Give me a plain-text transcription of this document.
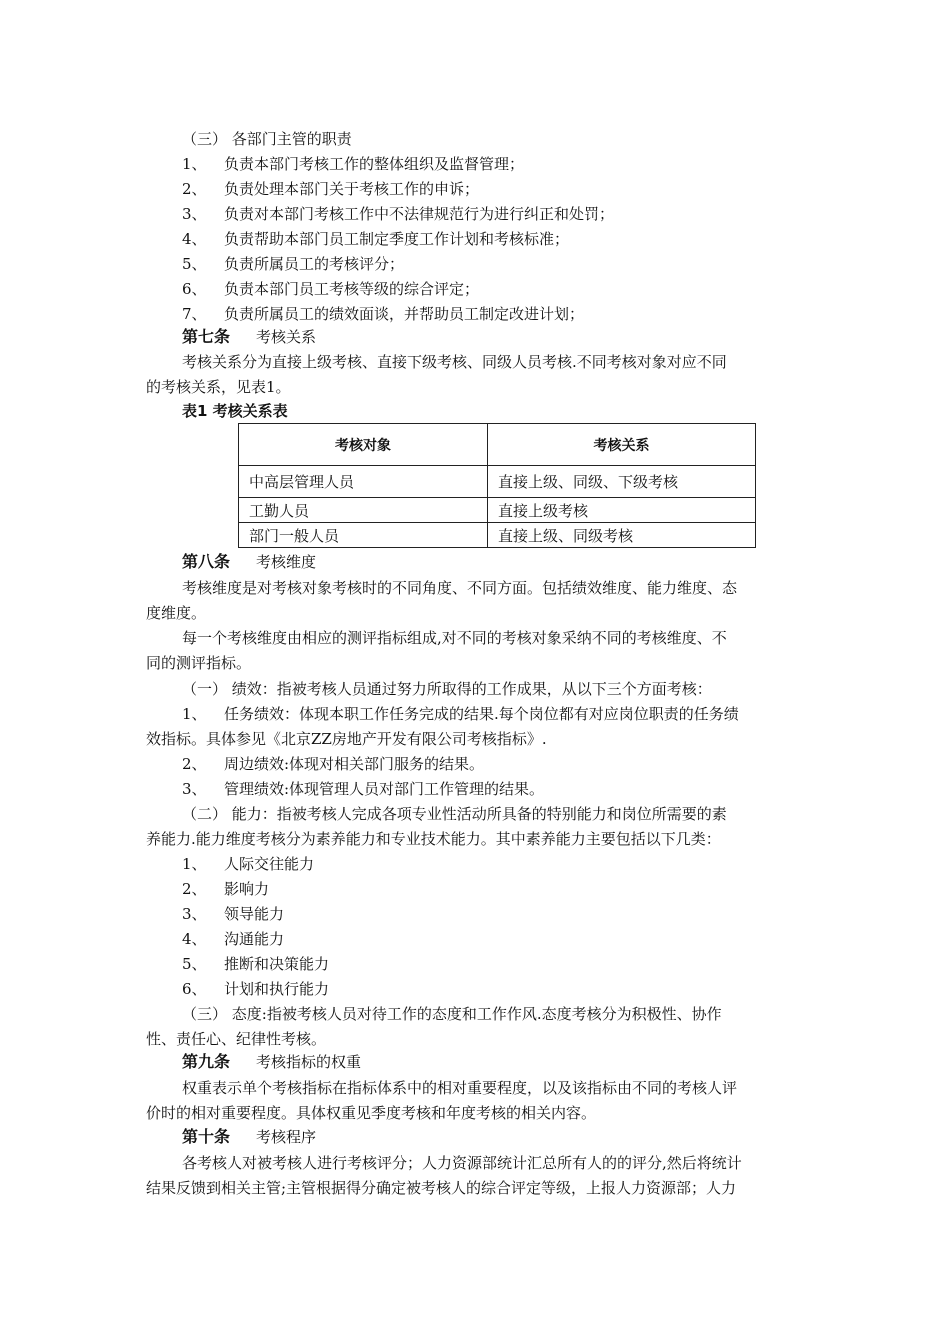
（三） 各部门主管的职责
1、 负责本部门考核工作的整体组织及监督管理；
2、 负责处理本部门关于考核工作的申诉；
3、 负责对本部门考核工作中不法律规范行为进行纠正和处罚；
4、 负责帮助本部门员工制定季度工作计划和考核标准；
5、 负责所属员工的考核评分；
6、 负责本部门员工考核等级的综合评定；
7、 负责所属员工的绩效面谈，并帮助员工制定改进计划；
第七条 考核关系
考核关系分为直接上级考核、直接下级考核、同级人员考核.不同考核对象对应不同
的考核关系，见表1。
表1 考核关系表
考核对象	考核关系
中高层管理人员	直接上级、同级、下级考核
工勤人员	直接上级考核
部门一般人员	直接上级、同级考核
第八条 考核维度
考核维度是对考核对象考核时的不同角度、不同方面。包括绩效维度、能力维度、态
度维度。
每一个考核维度由相应的测评指标组成,对不同的考核对象采纳不同的考核维度、不
同的测评指标。
（一） 绩效：指被考核人员通过努力所取得的工作成果，从以下三个方面考核：
1、 任务绩效：体现本职工作任务完成的结果.每个岗位都有对应岗位职责的任务绩
效指标。具体参见《北京ZZ房地产开发有限公司考核指标》.
2、 周边绩效:体现对相关部门服务的结果。
3、 管理绩效:体现管理人员对部门工作管理的结果。
（二） 能力：指被考核人完成各项专业性活动所具备的特别能力和岗位所需要的素
养能力.能力维度考核分为素养能力和专业技术能力。其中素养能力主要包括以下几类：
1、 人际交往能力
2、 影响力
3、 领导能力
4、 沟通能力
5、 推断和决策能力
6、 计划和执行能力
（三） 态度:指被考核人员对待工作的态度和工作作风.态度考核分为积极性、协作
性、责任心、纪律性考核。
第九条 考核指标的权重
权重表示单个考核指标在指标体系中的相对重要程度，以及该指标由不同的考核人评
价时的相对重要程度。具体权重见季度考核和年度考核的相关内容。
第十条 考核程序
各考核人对被考核人进行考核评分；人力资源部统计汇总所有人的的评分,然后将统计
结果反馈到相关主管;主管根据得分确定被考核人的综合评定等级，上报人力资源部；人力
